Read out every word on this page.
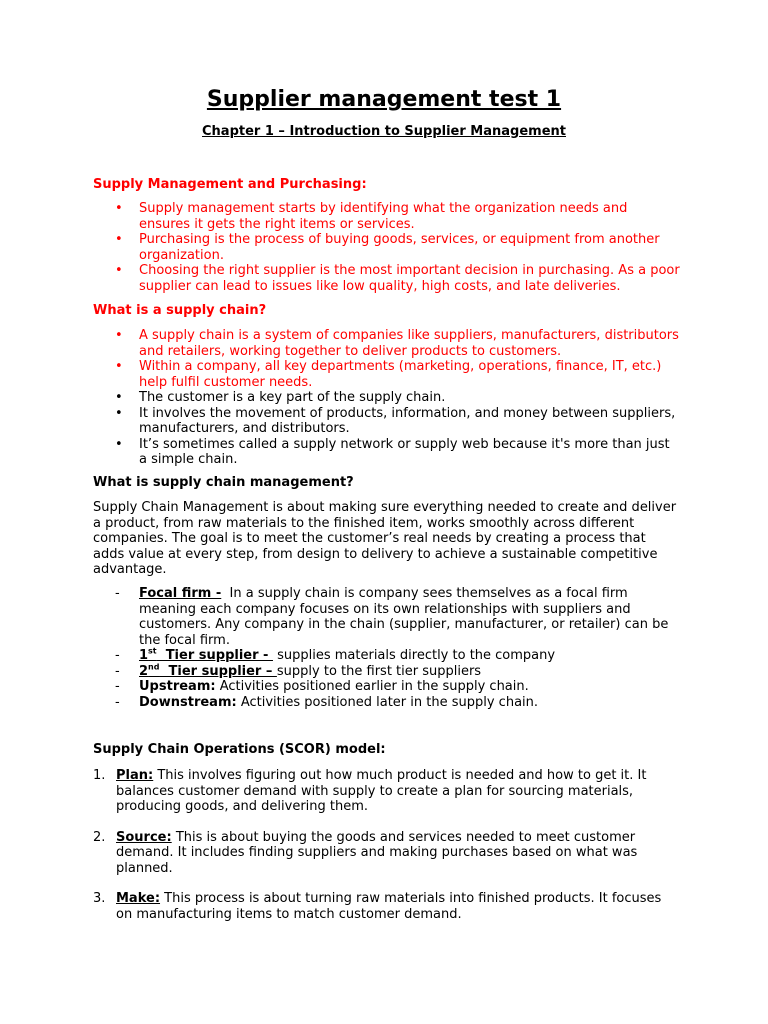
Supplier management test 1
Chapter 1 – Introduction to Supplier Management

Supply Management and Purchasing:

• Supply management starts by identifying what the organization needs and ensures it gets the right items or services.
• Purchasing is the process of buying goods, services, or equipment from another organization.
• Choosing the right supplier is the most important decision in purchasing. As a poor supplier can lead to issues like low quality, high costs, and late deliveries.

What is a supply chain?

• A supply chain is a system of companies like suppliers, manufacturers, distributors and retailers, working together to deliver products to customers.
• Within a company, all key departments (marketing, operations, finance, IT, etc.) help fulfil customer needs.
• The customer is a key part of the supply chain.
• It involves the movement of products, information, and money between suppliers, manufacturers, and distributors.
• It’s sometimes called a supply network or supply web because it's more than just a simple chain.

What is supply chain management?

Supply Chain Management is about making sure everything needed to create and deliver a product, from raw materials to the finished item, works smoothly across different companies. The goal is to meet the customer’s real needs by creating a process that adds value at every step, from design to delivery to achieve a sustainable competitive advantage.

- Focal firm -  In a supply chain is company sees themselves as a focal firm meaning each company focuses on its own relationships with suppliers and customers. Any company in the chain (supplier, manufacturer, or retailer) can be the focal firm.
- 1st  Tier supplier -  supplies materials directly to the company
- 2nd  Tier supplier – supply to the first tier suppliers
- Upstream: Activities positioned earlier in the supply chain.
- Downstream: Activities positioned later in the supply chain.

Supply Chain Operations (SCOR) model:

1. Plan: This involves figuring out how much product is needed and how to get it. It balances customer demand with supply to create a plan for sourcing materials, producing goods, and delivering them.
2. Source: This is about buying the goods and services needed to meet customer demand. It includes finding suppliers and making purchases based on what was planned.
3. Make: This process is about turning raw materials into finished products. It focuses on manufacturing items to match customer demand.
